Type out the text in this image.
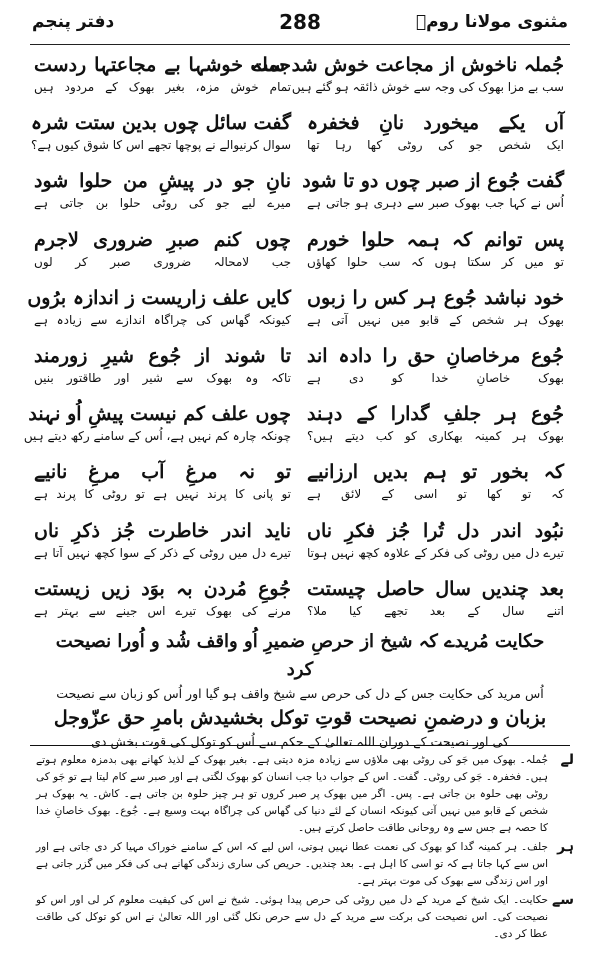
مثنوی مولانا رومؒ
288
دفتر پنجم
جُملہ ناخوش از مجاعت خوش شد ست
سب بے مزا بھوک کی وجہ سے خوش ذائقہ ہو گئے ہیں
جملہ خوشہا بے مجاعتہا ردست
تمام خوش مزہ، بغیر بھوک کے مردود ہیں
آں یکے میخورد نانِ فخفرہ
ایک شخص جو کی روٹی کھا رہا تھا
گفت سائل چوں بدین ستت شرہ
سوال کرنیوالے نے پوچھا تجھے اس کا شوق کیوں ہے؟
گفت جُوع از صبر چوں دو تا شود
اُس نے کہا جب بھوک صبر سے دہری ہو جاتی ہے
نانِ جو در پیشِ من حلوا شود
میرے لیے جو کی روٹی حلوا بن جاتی ہے
پس توانم کہ ہمہ حلوا خورم
تو میں کر سکتا ہوں کہ سب حلوا کھاؤں
چوں کنم صبرِ ضروری لاجرم
جب لامحالہ ضروری صبر کر لوں
خود نباشد جُوع ہر کس را زبوں
بھوک ہر شخص کے قابو میں نہیں آتی ہے
کایں علف زاریست ز اندازہ برُوں
کیونکہ گھاس کی چراگاہ اندازے سے زیادہ ہے
جُوع مرخاصانِ حق را دادہ اند
بھوک خاصانِ خدا کو دی ہے
تا شوند از جُوع شیرِ زورمند
تاکہ وہ بھوک سے شیر اور طاقتور بنیں
جُوع ہر جلفِ گدارا کے دہند
بھوک ہر کمینہ بھکاری کو کب دیتے ہیں؟
چوں علف کم نیست پیشِ اُو نہند
چونکہ چارہ کم نہیں ہے، اُس کے سامنے رکھ دیتے ہیں
کہ بخور تو ہم بدیں ارزانیے
کہ تو کھا تو اسی کے لائق ہے
تو نہ مرغِ آب مرغِ نانیے
تو پانی کا پرند نہیں ہے تو روٹی کا پرند ہے
نبُود اندر دل تُرا جُز فکرِ ناں
تیرے دل میں روٹی کی فکر کے علاوہ کچھ نہیں ہوتا
ناید اندر خاطرت جُز ذکرِ ناں
تیرے دل میں روٹی کے ذکر کے سوا کچھ نہیں آتا ہے
بعد چندیں سال حاصل چیستت
اتنے سال کے بعد تجھے کیا ملا؟
جُوعِ مُردن بہ بوَد زیں زیستت
مرنے کی بھوک تیرے اس جینے سے بہتر ہے
حکایت مُریدے کہ شیخ از حرصِ ضمیرِ اُو واقف شُد و اُورا نصیحت کرد
اُس مرید کی حکایت جس کے دل کی حرص سے شیخ واقف ہو گیا اور اُس کو زبان سے نصیحت
بزبان و درضمنِ نصیحت قوتِ توکل بخشیدش بامرِ حق عزّوجل
کی اور نصیحت کے دوران اللہ تعالیٰ کے حکم سے اُس کو توکل کی قوت بخش دی
لے
جُملہ۔ بھوک میں جَو کی روٹی بھی ملاؤں سے زیادہ مزہ دیتی ہے۔ بغیر بھوک کے لذیذ کھانے بھی بدمزہ معلوم ہوتے ہیں۔ فخفرہ۔ جَو کی روٹی۔ گفت۔ اس کے جواب دیا جب انسان کو بھوک لگتی ہے اور صبر سے کام لیتا ہے تو جَو کی روٹی بھی حلوہ بن جاتی ہے۔ پس۔ اگر میں بھوک پر صبر کروں تو ہر چیز حلوہ بن جاتی ہے۔ کاش۔ یہ بھوک ہر شخص کے قابو میں نہیں آتی کیونکہ انسان کے لئے دنیا کی گھاس کی چراگاہ بہت وسیع ہے۔ جُوع۔ بھوک خاصانِ خدا کا حصہ ہے جس سے وہ روحانی طاقت حاصل کرتے ہیں۔
ہر
جلف۔ ہر کمینہ گدا کو بھوک کی نعمت عطا نہیں ہوتی، اس لیے کہ اس کے سامنے خوراک مہیا کر دی جاتی ہے اور اس سے کہا جاتا ہے کہ تو اسی کا اہل ہے۔ بعد چندیں۔ حریص کی ساری زندگی کھانے ہی کی فکر میں گزر جاتی ہے اور اس زندگی سے بھوک کی موت بہتر ہے۔
سے
حکایت۔ ایک شیخ کے مرید کے دل میں روٹی کی حرص پیدا ہوئی۔ شیخ نے اس کی کیفیت معلوم کر لی اور اس کو نصیحت کی۔ اس نصیحت کی برکت سے مرید کے دل سے حرص نکل گئی اور اللہ تعالیٰ نے اس کو توکل کی طاقت عطا کر دی۔
